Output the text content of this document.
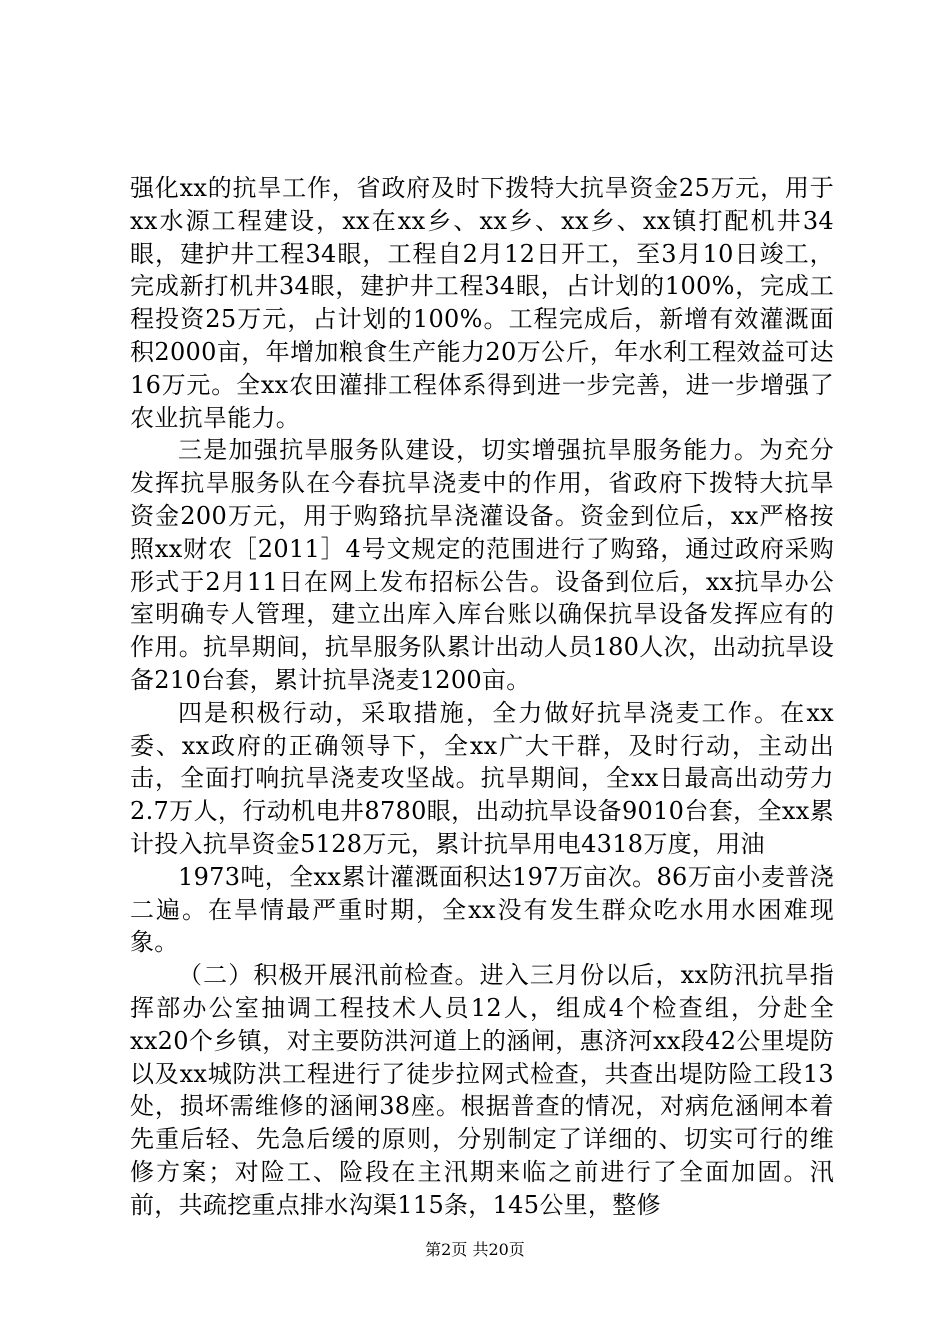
强化xx的抗旱工作，省政府及时下拨特大抗旱资金25万元，用于xx水源工程建设，xx在xx乡、xx乡、xx乡、xx镇打配机井34眼，建护井工程34眼，工程自2月12日开工，至3月10日竣工，完成新打机井34眼，建护井工程34眼，占计划的100%，完成工程投资25万元，占计划的100%。工程完成后，新增有效灌溉面积2000亩，年增加粮食生产能力20万公斤，年水利工程效益可达16万元。全xx农田灌排工程体系得到进一步完善，进一步增强了农业抗旱能力。

三是加强抗旱服务队建设，切实增强抗旱服务能力。为充分发挥抗旱服务队在今春抗旱浇麦中的作用，省政府下拨特大抗旱资金200万元，用于购臵抗旱浇灌设备。资金到位后，xx严格按照xx财农［2011］4号文规定的范围进行了购臵，通过政府采购形式于2月11日在网上发布招标公告。设备到位后，xx抗旱办公室明确专人管理，建立出库入库台账以确保抗旱设备发挥应有的作用。抗旱期间，抗旱服务队累计出动人员180人次，出动抗旱设备210台套，累计抗旱浇麦1200亩。

四是积极行动，采取措施，全力做好抗旱浇麦工作。在xx委、xx政府的正确领导下，全xx广大干群，及时行动，主动出击，全面打响抗旱浇麦攻坚战。抗旱期间，全xx日最高出动劳力2.7万人，行动机电井8780眼，出动抗旱设备9010台套，全xx累计投入抗旱资金5128万元，累计抗旱用电4318万度，用油

1973吨，全xx累计灌溉面积达197万亩次。86万亩小麦普浇二遍。在旱情最严重时期，全xx没有发生群众吃水用水困难现象。

（二）积极开展汛前检查。进入三月份以后，xx防汛抗旱指挥部办公室抽调工程技术人员12人，组成4个检查组，分赴全xx20个乡镇，对主要防洪河道上的涵闸，惠济河xx段42公里堤防以及xx城防洪工程进行了徒步拉网式检查，共查出堤防险工段13处，损坏需维修的涵闸38座。根据普查的情况，对病危涵闸本着先重后轻、先急后缓的原则，分别制定了详细的、切实可行的维修方案；对险工、险段在主汛期来临之前进行了全面加固。汛前，共疏挖重点排水沟渠115条，145公里，整修

第2页 共20页
